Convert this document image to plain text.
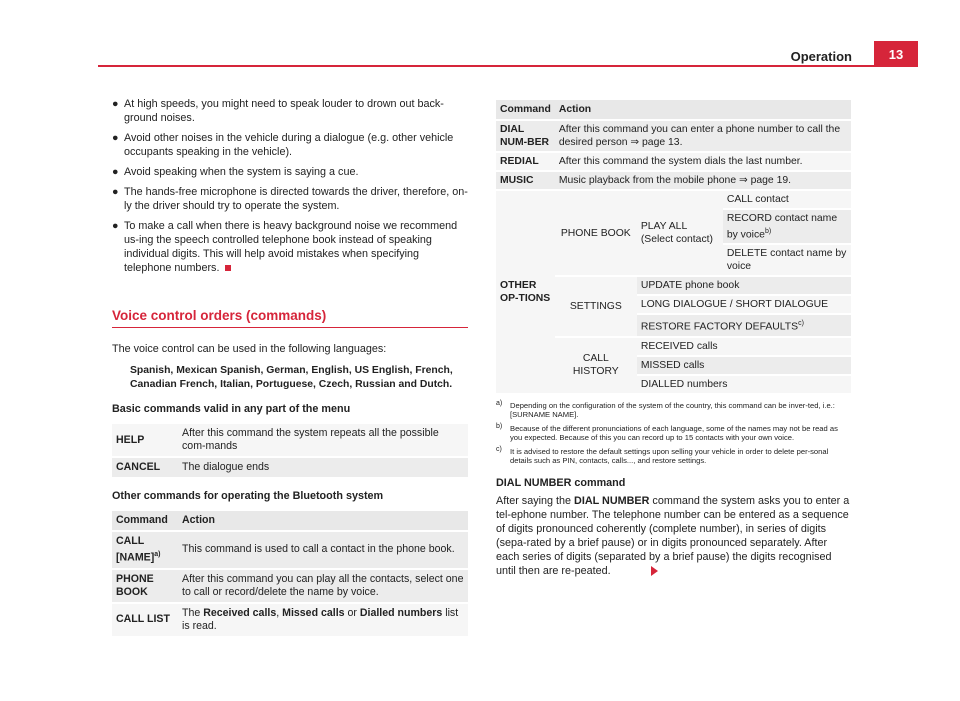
Operation	13
● At high speeds, you might need to speak louder to drown out back-ground noises.
● Avoid other noises in the vehicle during a dialogue (e.g. other vehicle occupants speaking in the vehicle).
● Avoid speaking when the system is saying a cue.
● The hands-free microphone is directed towards the driver, therefore, on-ly the driver should try to operate the system.
● To make a call when there is heavy background noise we recommend us-ing the speech controlled telephone book instead of speaking individual digits. This will help avoid mistakes when specifying telephone numbers.
Voice control orders (commands)
The voice control can be used in the following languages:
Spanish, Mexican Spanish, German, English, US English, French, Canadian French, Italian, Portuguese, Czech, Russian and Dutch.
Basic commands valid in any part of the menu
HELP	After this command the system repeats all the possible com-mands
CANCEL	The dialogue ends
Other commands for operating the Bluetooth system
Command	Action
CALL [NAME]$^{a)}$	This command is used to call a contact in the phone book.
PHONE BOOK	After this command you can play all the contacts, select one to call or record/delete the name by voice.
CALL LIST	The Received calls, Missed calls or Dialled numbers list is read.
Command	Action		
DIAL NUM-BER	After this command you can enter a phone number to call the desired person ⇒ page 13.		
REDIAL	After this command the system dials the last number.		
MUSIC	Music playback from the mobile phone ⇒ page 19.		
OTHER OP-TIONS	PHONE BOOK	PLAY ALL (Select contact)	CALL contact
			RECORD contact name by voice$^{b)}$
			DELETE contact name by voice
	SETTINGS	UPDATE phone book	
		LONG DIALOGUE / SHORT DIALOGUE	
		RESTORE FACTORY DEFAULTS$^{c)}$
	CALL HISTORY	RECEIVED calls	
		MISSED calls	
		DIALLED numbers	
a) Depending on the configuration of the system of the country, this command can be inver-ted, i.e.: [SURNAME NAME].
b) Because of the different pronunciations of each language, some of the names may not be read as you expected. Because of this you can record up to 15 contacts with your own voice.
c) It is advised to restore the default settings upon selling your vehicle in order to delete per-sonal details such as PIN, contacts, calls..., and restore settings.
DIAL NUMBER command
After saying the DIAL NUMBER command the system asks you to enter a tel-ephone number. The telephone number can be entered as a sequence of digits pronounced coherently (complete number), in series of digits (sepa-rated by a brief pause) or in digits pronounced separately. After each series of digits (separated by a brief pause) the digits recognised until then are re-peated.
